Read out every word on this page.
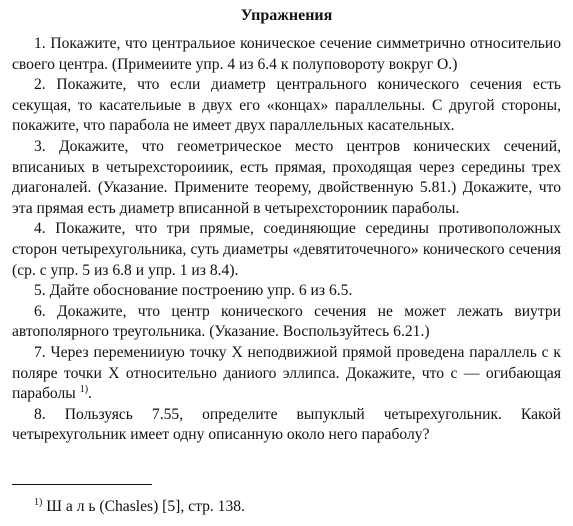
Упражнения

1. Покажите, что центральиое коническое сечение симметрично относительио своего центра. (Примеиите упр. 4 из 6.4 к полуповороту вокруг O.)

2. Покажите, что если диаметр центрального конического сечения есть секущая, то касательиые в двух его «концах» параллельны. С другой стороны, покажите, что парабола не имеет двух параллельных касательных.

3. Докажите, что геометрическое место центров конических сечений, вписаниых в четырехстороииик, есть прямая, проходящая через середины трех диагоналей. (Указание. Примените теорему, двойственную 5.81.) Докажите, что эта прямая есть диаметр вписанной в четырехсторониик параболы.

4. Покажите, что три прямые, соединяющие середины противоположных сторон четырехугольника, суть диаметры «девятиточечного» конического сечения (ср. с упр. 5 из 6.8 и упр. 1 из 8.4).

5. Дайте обоснование построению упр. 6 из 6.5.

6. Докажите, что центр конического сечения не может лежать виутри автополярного треугольника. (Указание. Воспользуйтесь 6.21.)

7. Через переменииую точку X неподвижиой прямой проведена параллель c к поляре точки X относительно даниого эллипса. Докажите, что c — огибающая параболы $^{1)}$.

8. Пользуясь 7.55, определите выпуклый четырехугольник. Какой четырехугольник имеет одну описанную около него параболу?

$^{1)}$ Ш а л ь (Chasles) [5], стр. 138.
